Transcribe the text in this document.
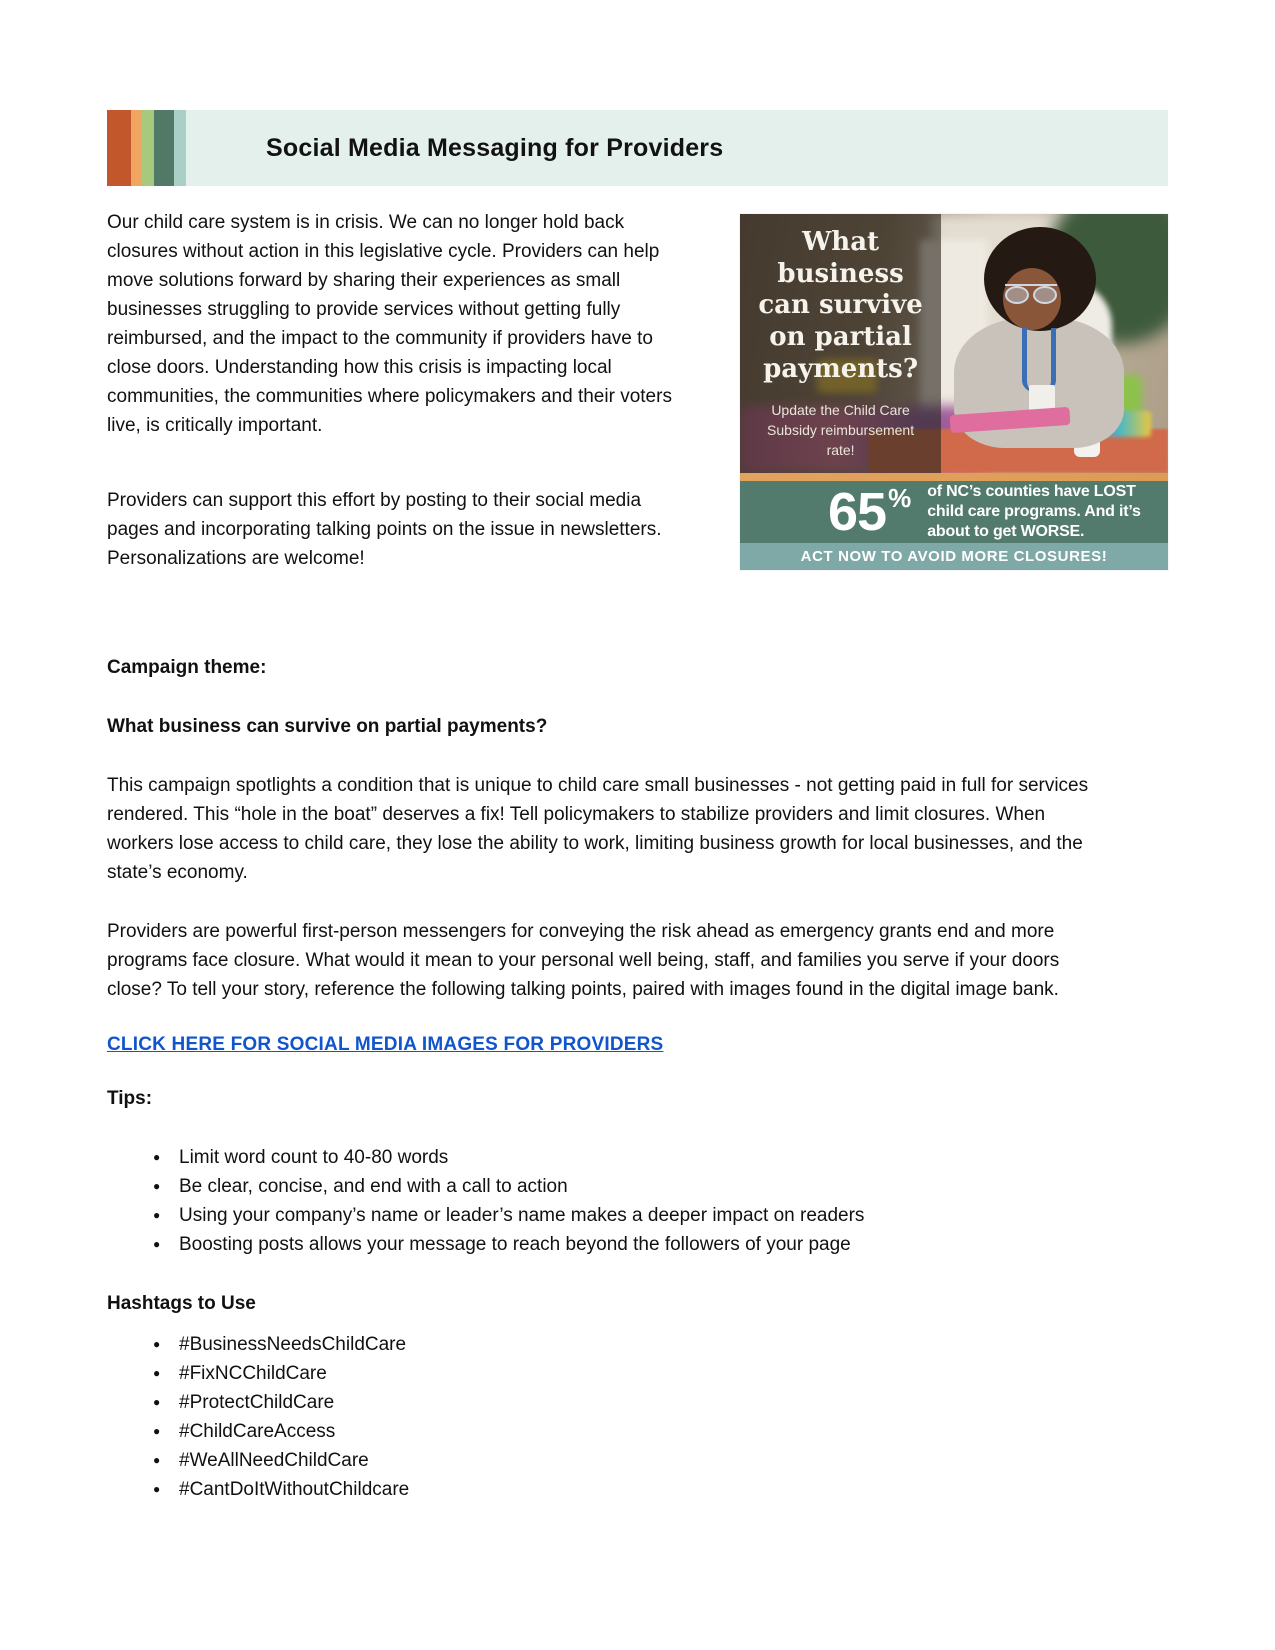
Social Media Messaging for Providers

Our child care system is in crisis. We can no longer hold back closures without action in this legislative cycle. Providers can help move solutions forward by sharing their experiences as small businesses struggling to provide services without getting fully reimbursed, and the impact to the community if providers have to close doors. Understanding how this crisis is impacting local communities, the communities where policymakers and their voters live, is critically important.

Providers can support this effort by posting to their social media pages and incorporating talking points on the issue in newsletters. Personalizations are welcome!

What business can survive on partial payments?
Update the Child Care Subsidy reimbursement rate!
65 % of NC’s counties have LOST child care programs. And it’s about to get WORSE.
ACT NOW TO AVOID MORE CLOSURES!
Campaign theme:
What business can survive on partial payments?

This campaign spotlights a condition that is unique to child care small businesses - not getting paid in full for services rendered. This “hole in the boat” deserves a fix! Tell policymakers to stabilize providers and limit closures. When workers lose access to child care, they lose the ability to work, limiting business growth for local businesses, and the state’s economy.

Providers are powerful first-person messengers for conveying the risk ahead as emergency grants end and more programs face closure. What would it mean to your personal well being, staff, and families you serve if your doors close? To tell your story, reference the following talking points, paired with images found in the digital image bank.

CLICK HERE FOR SOCIAL MEDIA IMAGES FOR PROVIDERS
Tips:
● Limit word count to 40-80 words
● Be clear, concise, and end with a call to action
● Using your company’s name or leader’s name makes a deeper impact on readers
● Boosting posts allows your message to reach beyond the followers of your page
Hashtags to Use
● #BusinessNeedsChildCare
● #FixNCChildCare
● #ProtectChildCare
● #ChildCareAccess
● #WeAllNeedChildCare
● #CantDoItWithoutChildcare
